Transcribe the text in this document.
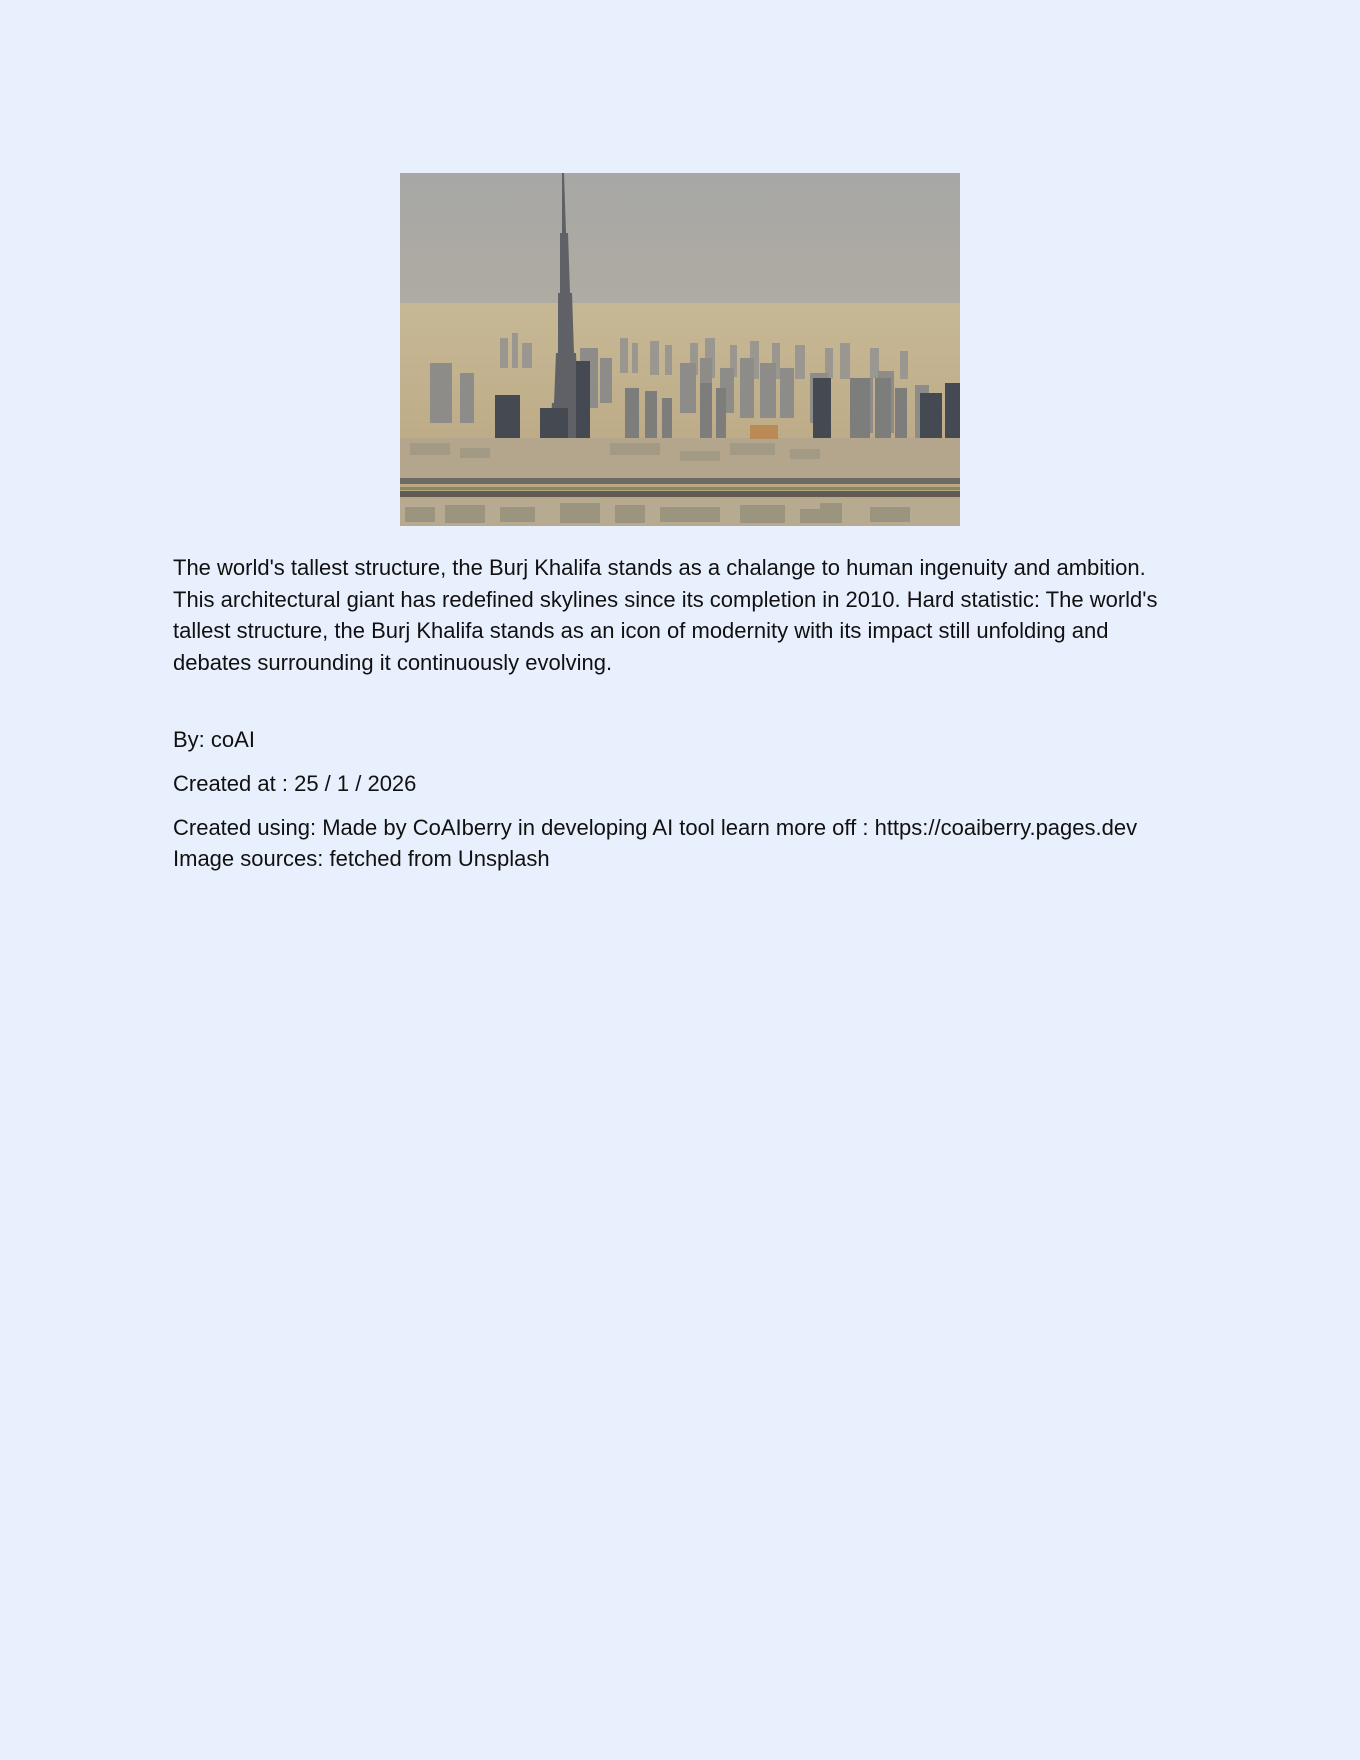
The world's tallest structure, the Burj Khalifa stands as a chalange to human ingenuity and ambition. This architectural giant has redefined skylines since its completion in 2010. Hard statistic: The world's tallest structure, the Burj Khalifa stands as an icon of modernity with its impact still unfolding and debates surrounding it continuously evolving.

By: coAI

Created at : 25 / 1 / 2026

Created using: Made by CoAIberry in developing AI tool learn more off : https://coaiberry.pages.dev

Image sources: fetched from Unsplash
